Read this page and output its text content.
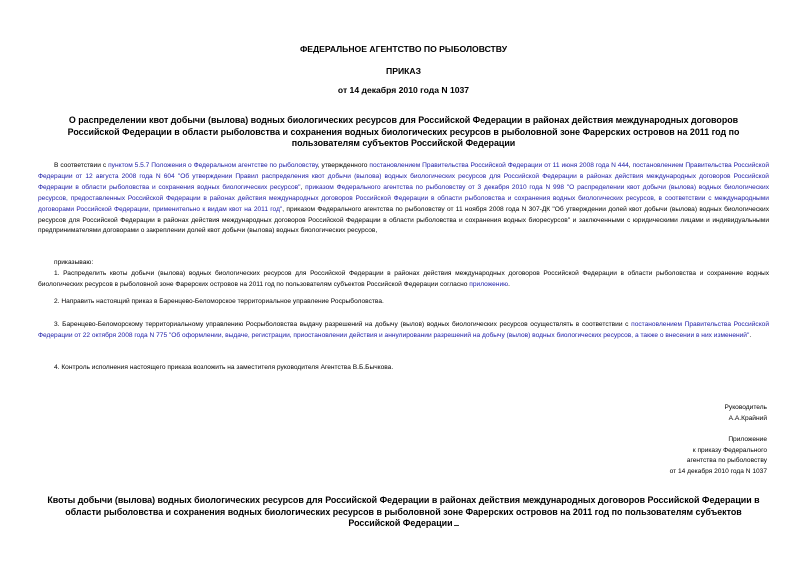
ФЕДЕРАЛЬНОЕ АГЕНТСТВО ПО РЫБОЛОВСТВУ
ПРИКАЗ
от 14 декабря 2010 года N 1037
О распределении квот добычи (вылова) водных биологических ресурсов для Российской Федерации в районах действия международных договоров Российской Федерации в области рыболовства и сохранения водных биологических ресурсов в рыболовной зоне Фарерских островов на 2011 год по пользователям субъектов Российской Федерации
В соответствии с пунктом 5.5.7 Положения о Федеральном агентстве по рыболовству, утвержденного постановлением Правительства Российской Федерации от 11 июня 2008 года N 444, постановлением Правительства Российской Федерации от 12 августа 2008 года N 604 "Об утверждении Правил распределения квот добычи (вылова) водных биологических ресурсов для Российской Федерации в районах действия международных договоров Российской Федерации в области рыболовства и сохранения водных биологических ресурсов", приказом Федерального агентства по рыболовству от 3 декабря 2010 года N 998 "О распределении квот добычи (вылова) водных биологических ресурсов, предоставленных Российской Федерации в районах действия международных договоров Российской Федерации в области рыболовства и сохранения водных биологических ресурсов, в соответствии с международными договорами Российской Федерации, применительно к видам квот на 2011 год", приказом Федерального агентства по рыболовству от 11 ноября 2008 года N 307-ДК "Об утверждении долей квот добычи (вылова) водных биологических ресурсов для Российской Федерации в районах действия международных договоров Российской Федерации в области рыболовства и сохранения водных биоресурсов" и заключенными с юридическими лицами и индивидуальными предпринимателями договорами о закреплении долей квот добычи (вылова) водных биологических ресурсов,
приказываю:
1. Распределить квоты добычи (вылова) водных биологических ресурсов для Российской Федерации в районах действия международных договоров Российской Федерации в области рыболовства и сохранение водных биологических ресурсов в рыболовной зоне Фарерских островов на 2011 год по пользователям субъектов Российской Федерации согласно приложению.
2. Направить настоящий приказ в Баренцево-Беломорское территориальное управление Росрыболовства.
3. Баренцево-Беломорскому территориальному управлению Росрыболовства выдачу разрешений на добычу (вылов) водных биологических ресурсов осуществлять в соответствии с постановлением Правительства Российской Федерации от 22 октября 2008 года N 775 "Об оформлении, выдаче, регистрации, приостановлении действия и аннулировании разрешений на добычу (вылов) водных биологических ресурсов, а также о внесении в них изменений".
4. Контроль исполнения настоящего приказа возложить на заместителя руководителя Агентства В.Б.Бычкова.
Руководитель
А.А.Крайний
Приложение
к приказу Федерального
агентства по рыболовству
от 14 декабря 2010 года N 1037
Квоты добычи (вылова) водных биологических ресурсов для Российской Федерации в районах действия международных договоров Российской Федерации в области рыболовства и сохранения водных биологических ресурсов в рыболовной зоне Фарерских островов на 2011 год по пользователям субъектов Российской Федерации
